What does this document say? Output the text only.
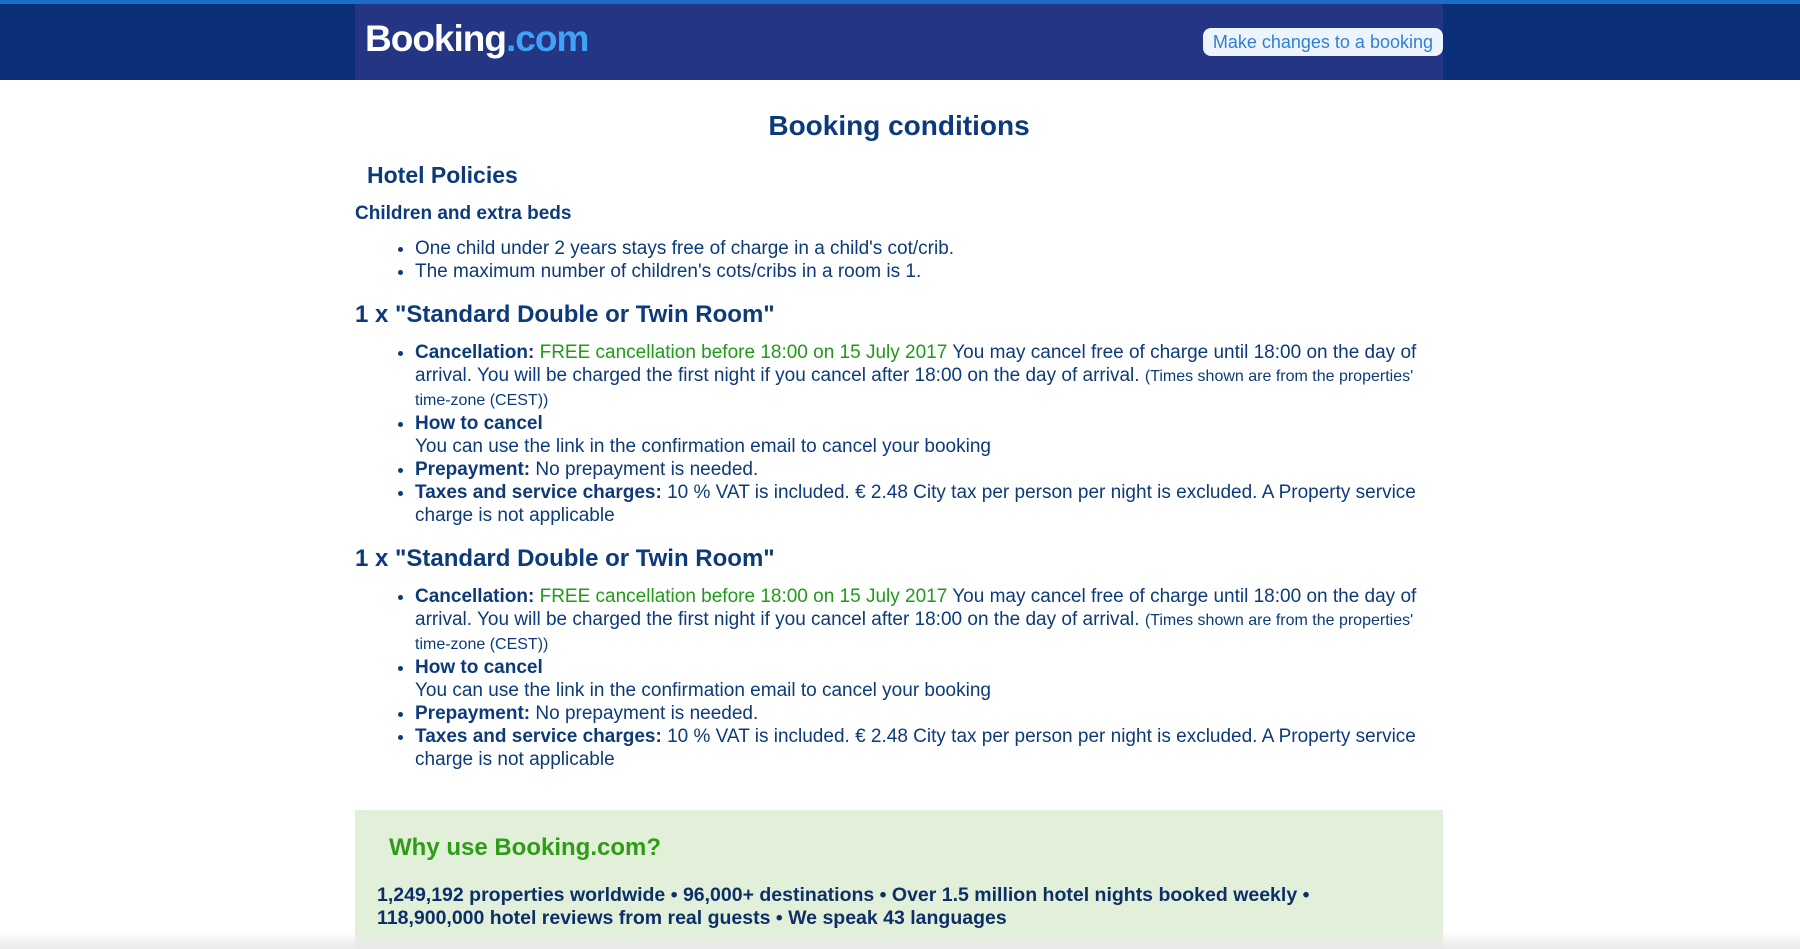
Booking.com	Make changes to a booking
Booking conditions
Hotel Policies
Children and extra beds
• One child under 2 years stays free of charge in a child's cot/crib.
• The maximum number of children's cots/cribs in a room is 1.
1 x "Standard Double or Twin Room"
• Cancellation: FREE cancellation before 18:00 on 15 July 2017 You may cancel free of charge until 18:00 on the day of arrival. You will be charged the first night if you cancel after 18:00 on the day of arrival. (Times shown are from the properties' time-zone (CEST))
• How to cancel
You can use the link in the confirmation email to cancel your booking
• Prepayment: No prepayment is needed.
• Taxes and service charges: 10 % VAT is included. € 2.48 City tax per person per night is excluded. A Property service charge is not applicable
1 x "Standard Double or Twin Room"
• Cancellation: FREE cancellation before 18:00 on 15 July 2017 You may cancel free of charge until 18:00 on the day of arrival. You will be charged the first night if you cancel after 18:00 on the day of arrival. (Times shown are from the properties' time-zone (CEST))
• How to cancel
You can use the link in the confirmation email to cancel your booking
• Prepayment: No prepayment is needed.
• Taxes and service charges: 10 % VAT is included. € 2.48 City tax per person per night is excluded. A Property service charge is not applicable
Why use Booking.com?
1,249,192 properties worldwide • 96,000+ destinations • Over 1.5 million hotel nights booked weekly • 118,900,000 hotel reviews from real guests • We speak 43 languages
